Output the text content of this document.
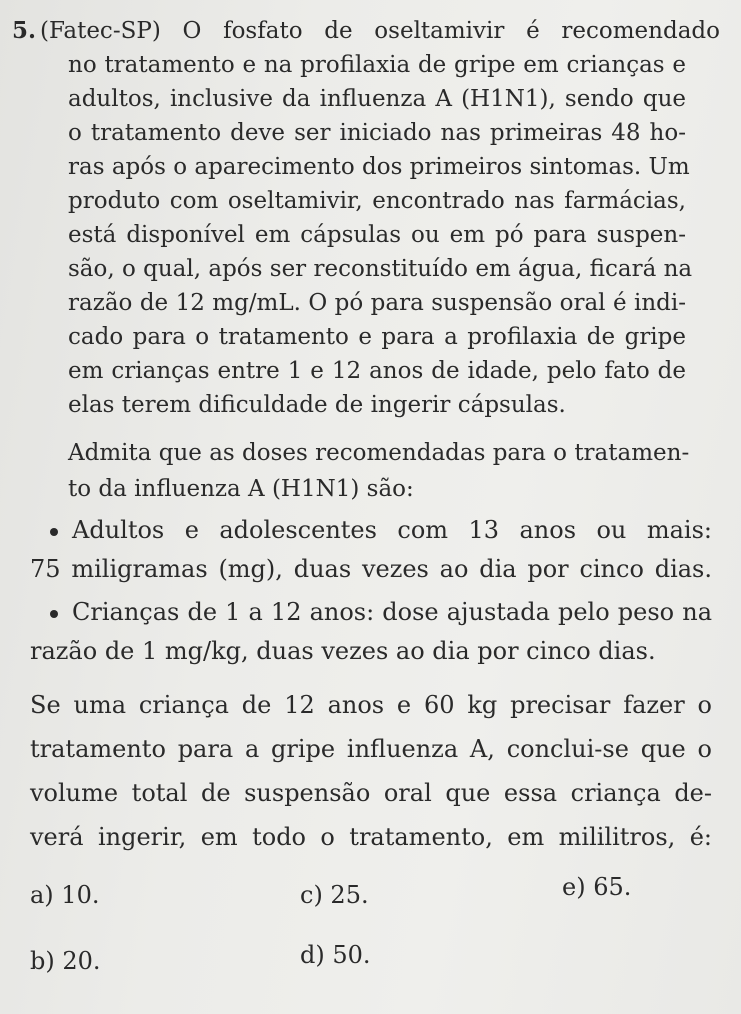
5. (Fatec-SP) O fosfato de oseltamivir é recomendado
no tratamento e na profilaxia de gripe em crianças e
adultos, inclusive da influenza A (H1N1), sendo que
o tratamento deve ser iniciado nas primeiras 48 ho-
ras após o aparecimento dos primeiros sintomas. Um
produto com oseltamivir, encontrado nas farmácias,
está disponível em cápsulas ou em pó para suspen-
são, o qual, após ser reconstituído em água, ficará na
razão de 12 mg/mL. O pó para suspensão oral é indi-
cado para o tratamento e para a profilaxia de gripe
em crianças entre 1 e 12 anos de idade, pelo fato de
elas terem dificuldade de ingerir cápsulas.
Admita que as doses recomendadas para o tratamen-
to da influenza A (H1N1) são:
Adultos e adolescentes com 13 anos ou mais:
75 miligramas (mg), duas vezes ao dia por cinco dias.
Crianças de 1 a 12 anos: dose ajustada pelo peso na
razão de 1 mg/kg, duas vezes ao dia por cinco dias.
Se uma criança de 12 anos e 60 kg precisar fazer o
tratamento para a gripe influenza A, conclui-se que o
volume total de suspensão oral que essa criança de-
verá ingerir, em todo o tratamento, em mililitros, é:
a) 10.	c) 25.	e) 65.
b) 20.	d) 50.
